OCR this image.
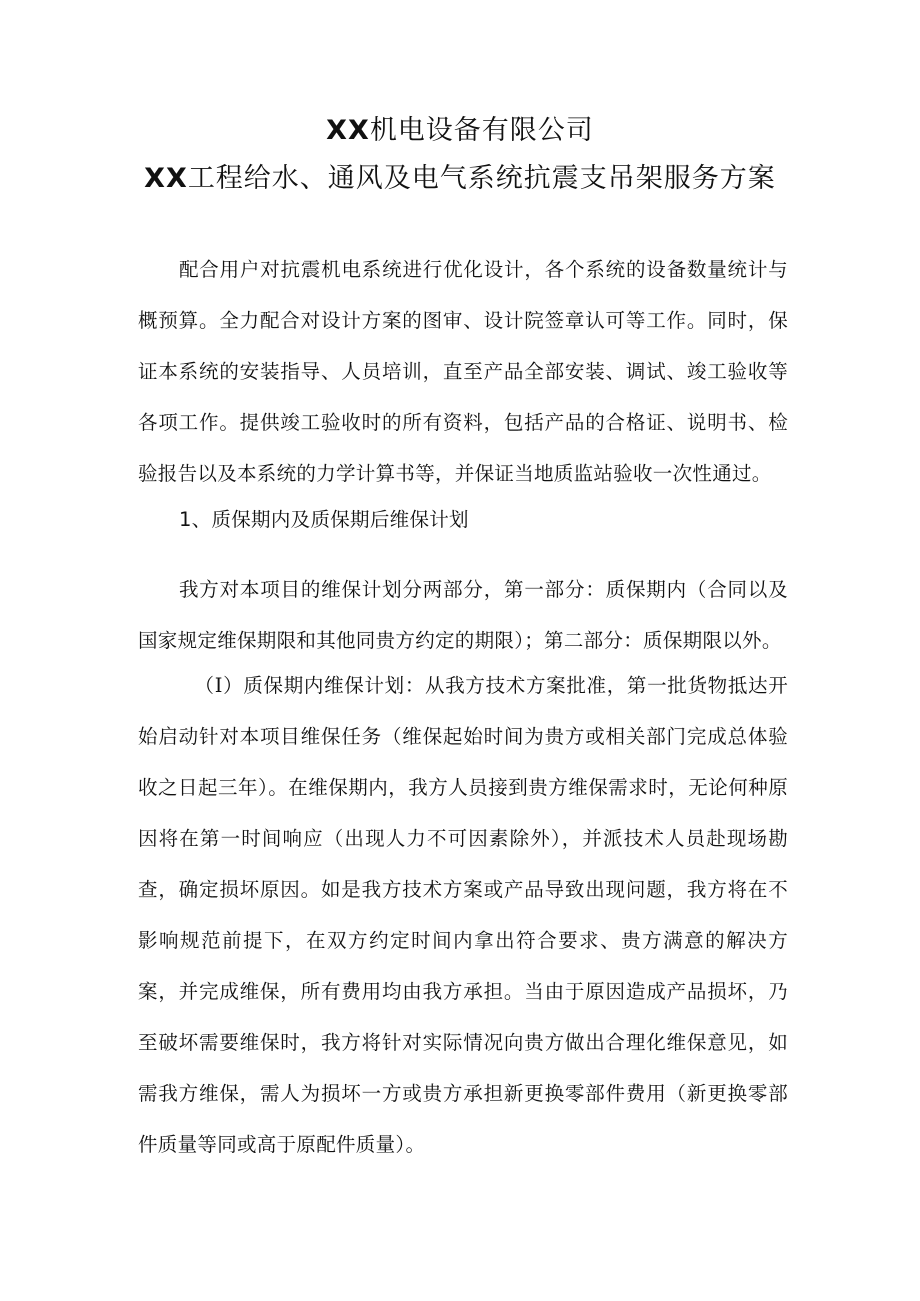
XX机电设备有限公司
XX工程给水、通风及电气系统抗震支吊架服务方案

配合用户对抗震机电系统进行优化设计，各个系统的设备数量统计与概预算。全力配合对设计方案的图审、设计院签章认可等工作。同时，保证本系统的安装指导、人员培训，直至产品全部安装、调试、竣工验收等各项工作。提供竣工验收时的所有资料，包括产品的合格证、说明书、检验报告以及本系统的力学计算书等，并保证当地质监站验收一次性通过。

1、质保期内及质保期后维保计划

我方对本项目的维保计划分两部分，第一部分：质保期内（合同以及国家规定维保期限和其他同贵方约定的期限）；第二部分：质保期限以外。

（I）质保期内维保计划：从我方技术方案批准，第一批货物抵达开始启动针对本项目维保任务（维保起始时间为贵方或相关部门完成总体验收之日起三年）。在维保期内，我方人员接到贵方维保需求时，无论何种原因将在第一时间响应（出现人力不可因素除外），并派技术人员赴现场勘查，确定损坏原因。如是我方技术方案或产品导致出现问题，我方将在不影响规范前提下，在双方约定时间内拿出符合要求、贵方满意的解决方案，并完成维保，所有费用均由我方承担。当由于原因造成产品损坏，乃至破坏需要维保时，我方将针对实际情况向贵方做出合理化维保意见，如需我方维保，需人为损坏一方或贵方承担新更换零部件费用（新更换零部件质量等同或高于原配件质量）。
